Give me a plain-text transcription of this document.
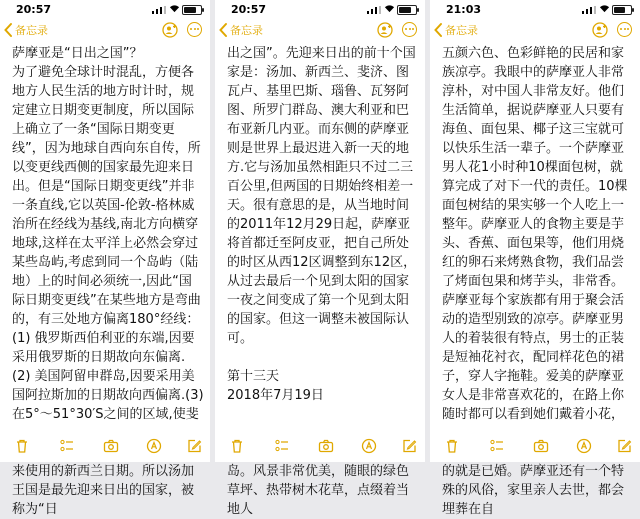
20:57
备忘录
萨摩亚是“日出之国”？
为了避免全球计时混乱，方便各地方人民生活的地方时计时，规定建立日期变更制度，所以国际上确立了一条“国际日期变更线”，因为地球自西向东自传，所以变更线西侧的国家最先迎来日出。但是“国际日期变更线”并非一条直线,它以英国-伦敦-格林威治所在经线为基线,南北方向横穿地球,这样在太平洋上必然会穿过某些岛屿,考虑到同一个岛屿（陆地）上的时间必须统一,因此“国际日期变更线”在某些地方是弯曲的，有三处地方偏离180°经线：(1) 俄罗斯西伯利亚的东端,因要采用俄罗斯的日期故向东偏离.
(2) 美国阿留申群岛,因要采用美国阿拉斯加的日期故向西偏离.(3) 在5°～51°30′S之间的区域,使斐 来使用的新西兰日期。所以汤加王国是最先迎来日出的国家，被称为“日
20:57
备忘录
出之国”。先迎来日出的前十个国家是：汤加、新西兰、斐济、图瓦卢、基里巴斯、瑙鲁、瓦努阿图、所罗门群岛、澳大利亚和巴布亚新几内亚。而东侧的萨摩亚则是世界上最迟进入新一天的地方.它与汤加虽然相距只不过二三百公里,但两国的日期始终相差一天。很有意思的是，从当地时间的2011年12月29日起，萨摩亚将首都迁至阿皮亚，把自己所处的时区从西12区调整到东12区，从过去最后一个见到太阳的国家一夜之间变成了第一个见到太阳的国家。但这一调整未被国际认可。

第十三天
2018年7月19日

岛。风景非常优美，随眼的绿色草坪、热带树木花草，点缀着当地人
21:03
备忘录
五颜六色、色彩鲜艳的民居和家族凉亭。我眼中的萨摩亚人非常淳朴，对中国人非常友好。他们生活简单，据说萨摩亚人只要有海鱼、面包果、椰子这三宝就可以快乐生活一辈子。一个萨摩亚男人花1小时种10棵面包树，就算完成了对下一代的责任。10棵面包树结的果实够一个人吃上一整年。萨摩亚人的食物主要是芋头、香蕉、面包果等，他们用烧红的卵石来烤熟食物，我们品尝了烤面包果和烤芋头，非常香。萨摩亚每个家族都有用于聚会活动的造型别致的凉亭。萨摩亚男人的着装很有特点，男士的正装是短袖花衬衣，配同样花色的裙子，穿人字拖鞋。爱美的萨摩亚女人是非常喜欢花的，在路上你随时都可以看到她们戴着小花， 的就是已婚。萨摩亚还有一个特殊的风俗，家里亲人去世，都会埋葬在自
